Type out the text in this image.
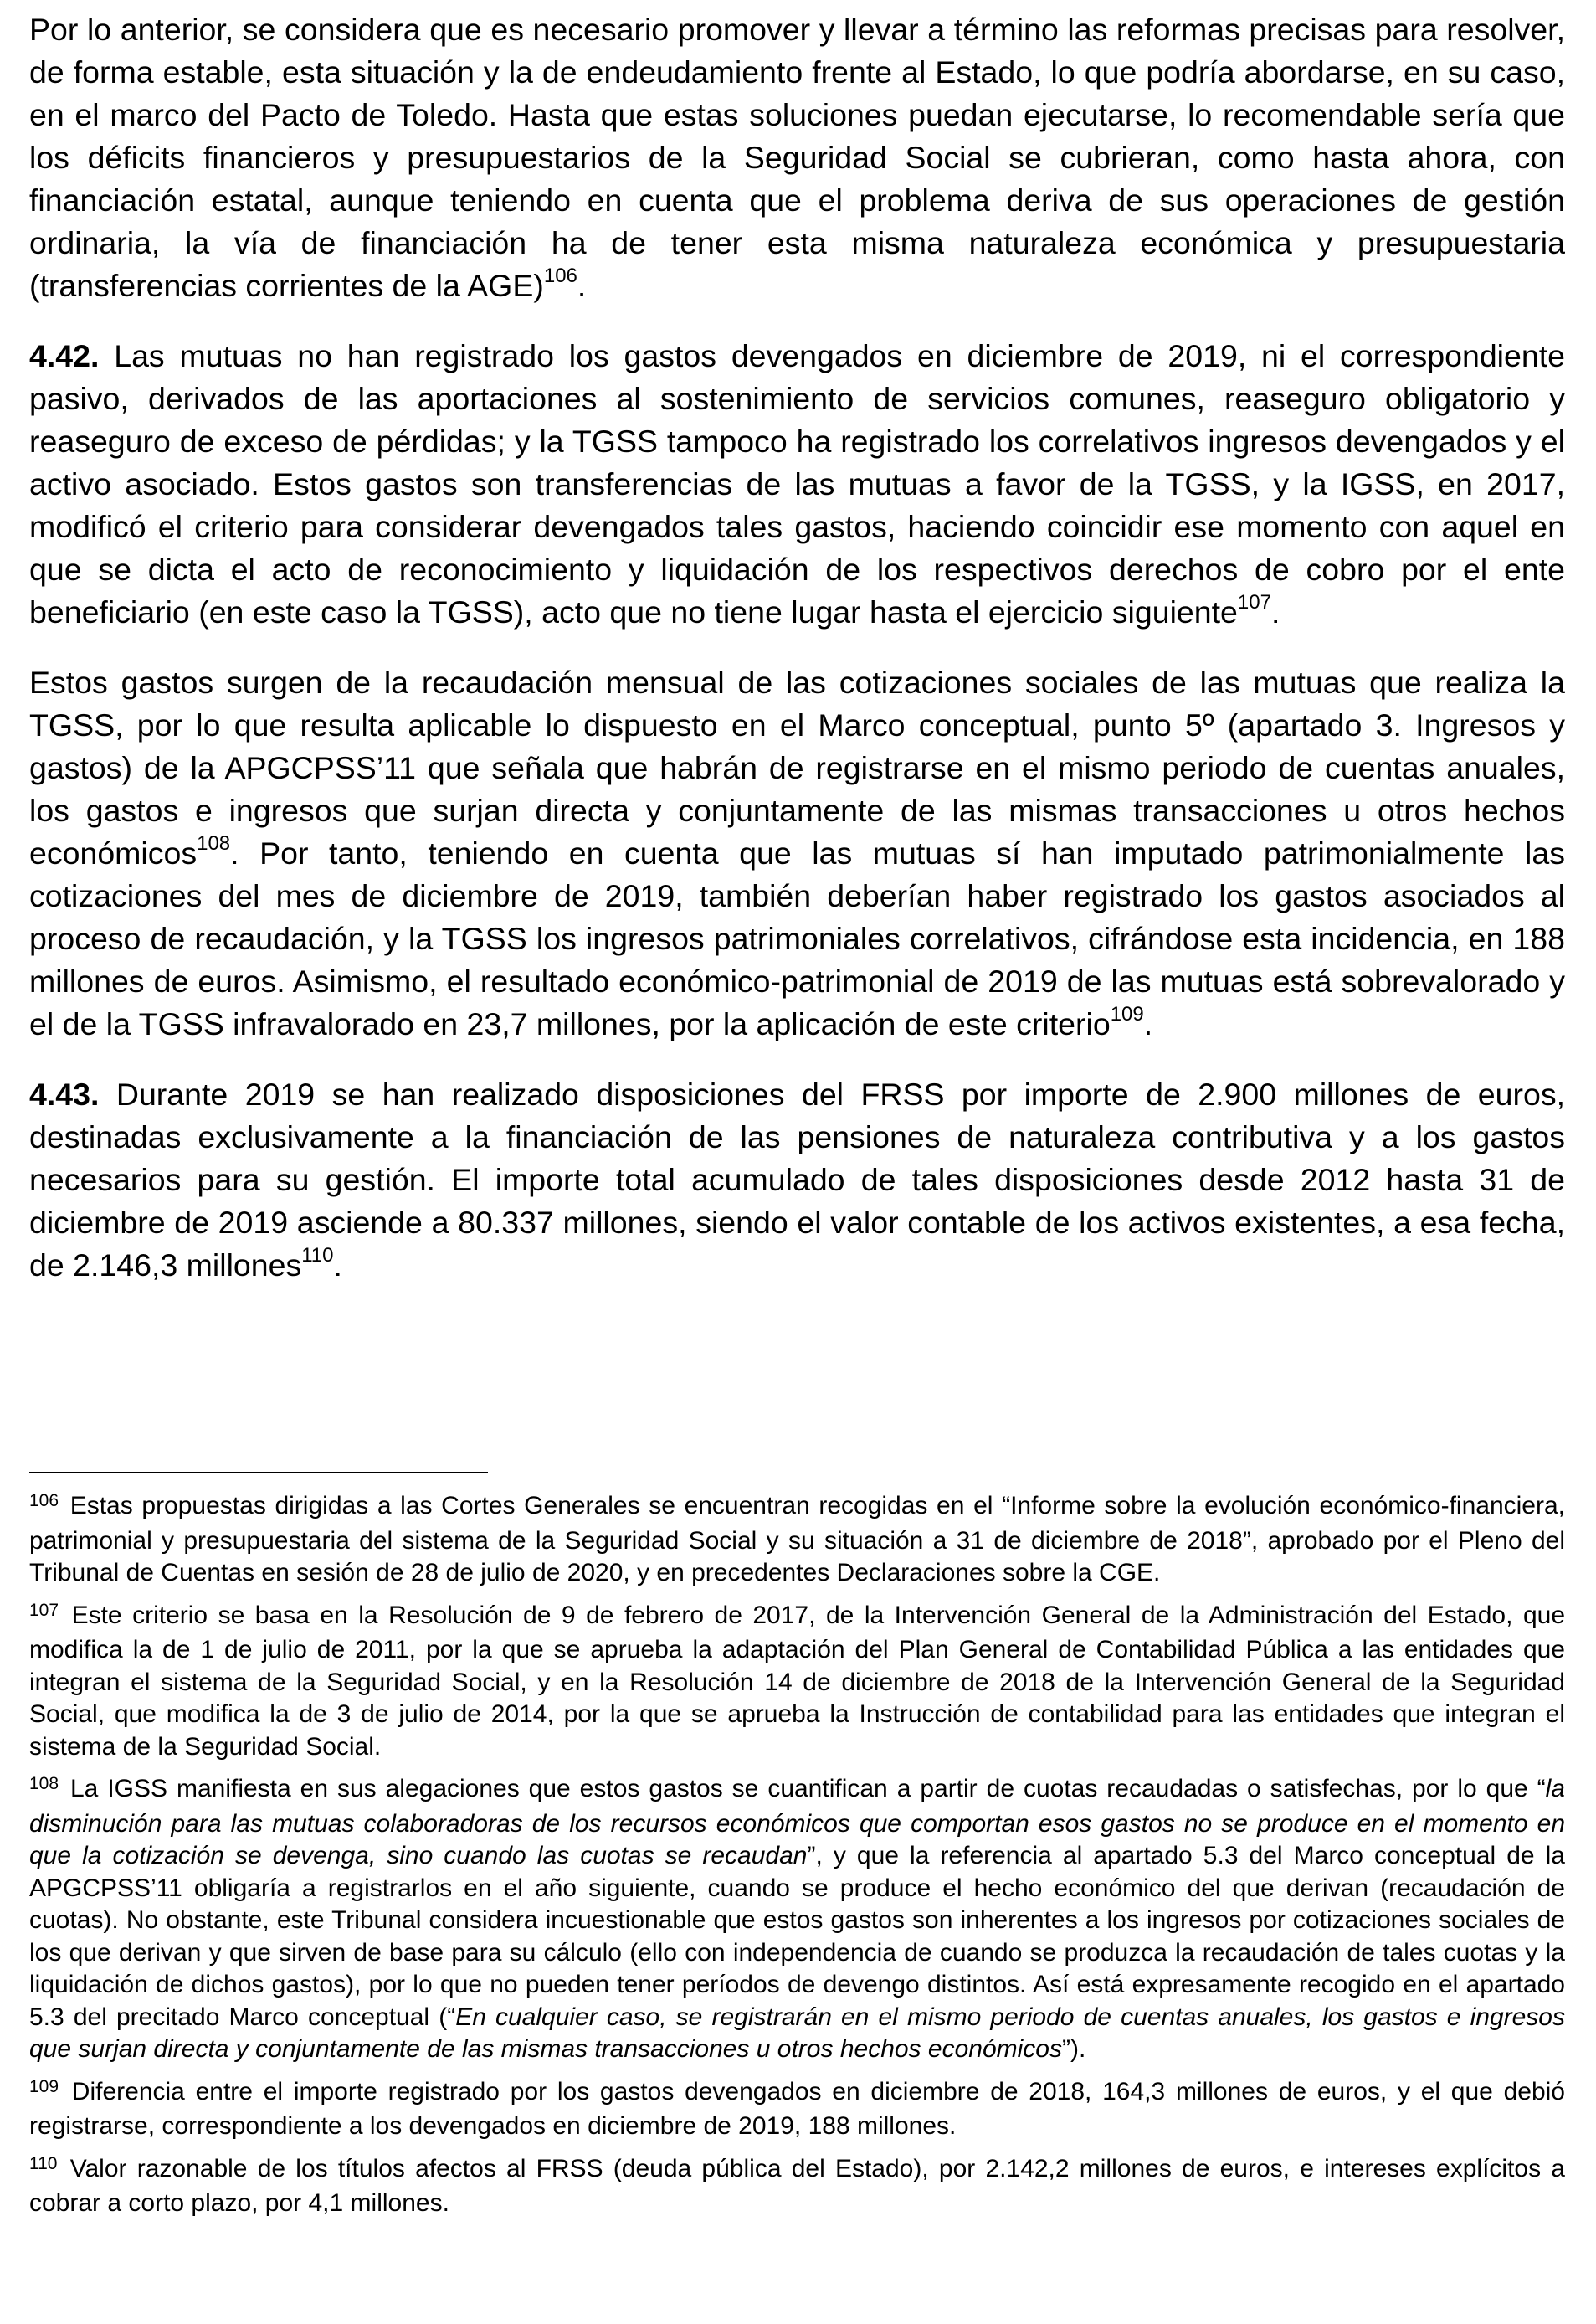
Por lo anterior, se considera que es necesario promover y llevar a término las reformas precisas para resolver, de forma estable, esta situación y la de endeudamiento frente al Estado, lo que podría abordarse, en su caso, en el marco del Pacto de Toledo. Hasta que estas soluciones puedan ejecutarse, lo recomendable sería que los déficits financieros y presupuestarios de la Seguridad Social se cubrieran, como hasta ahora, con financiación estatal, aunque teniendo en cuenta que el problema deriva de sus operaciones de gestión ordinaria, la vía de financiación ha de tener esta misma naturaleza económica y presupuestaria (transferencias corrientes de la AGE)$^{106}$.

4.42. Las mutuas no han registrado los gastos devengados en diciembre de 2019, ni el correspondiente pasivo, derivados de las aportaciones al sostenimiento de servicios comunes, reaseguro obligatorio y reaseguro de exceso de pérdidas; y la TGSS tampoco ha registrado los correlativos ingresos devengados y el activo asociado. Estos gastos son transferencias de las mutuas a favor de la TGSS, y la IGSS, en 2017, modificó el criterio para considerar devengados tales gastos, haciendo coincidir ese momento con aquel en que se dicta el acto de reconocimiento y liquidación de los respectivos derechos de cobro por el ente beneficiario (en este caso la TGSS), acto que no tiene lugar hasta el ejercicio siguiente$^{107}$.

Estos gastos surgen de la recaudación mensual de las cotizaciones sociales de las mutuas que realiza la TGSS, por lo que resulta aplicable lo dispuesto en el Marco conceptual, punto 5º (apartado 3. Ingresos y gastos) de la APGCPSS’11 que señala que habrán de registrarse en el mismo periodo de cuentas anuales, los gastos e ingresos que surjan directa y conjuntamente de las mismas transacciones u otros hechos económicos$^{108}$. Por tanto, teniendo en cuenta que las mutuas sí han imputado patrimonialmente las cotizaciones del mes de diciembre de 2019, también deberían haber registrado los gastos asociados al proceso de recaudación, y la TGSS los ingresos patrimoniales correlativos, cifrándose esta incidencia, en 188 millones de euros. Asimismo, el resultado económico-patrimonial de 2019 de las mutuas está sobrevalorado y el de la TGSS infravalorado en 23,7 millones, por la aplicación de este criterio$^{109}$.

4.43. Durante 2019 se han realizado disposiciones del FRSS por importe de 2.900 millones de euros, destinadas exclusivamente a la financiación de las pensiones de naturaleza contributiva y a los gastos necesarios para su gestión. El importe total acumulado de tales disposiciones desde 2012 hasta 31 de diciembre de 2019 asciende a 80.337 millones, siendo el valor contable de los activos existentes, a esa fecha, de 2.146,3 millones$^{110}$.

$^{106}$ Estas propuestas dirigidas a las Cortes Generales se encuentran recogidas en el “Informe sobre la evolución económico-financiera, patrimonial y presupuestaria del sistema de la Seguridad Social y su situación a 31 de diciembre de 2018”, aprobado por el Pleno del Tribunal de Cuentas en sesión de 28 de julio de 2020, y en precedentes Declaraciones sobre la CGE.

$^{107}$ Este criterio se basa en la Resolución de 9 de febrero de 2017, de la Intervención General de la Administración del Estado, que modifica la de 1 de julio de 2011, por la que se aprueba la adaptación del Plan General de Contabilidad Pública a las entidades que integran el sistema de la Seguridad Social, y en la Resolución 14 de diciembre de 2018 de la Intervención General de la Seguridad Social, que modifica la de 3 de julio de 2014, por la que se aprueba la Instrucción de contabilidad para las entidades que integran el sistema de la Seguridad Social.

$^{108}$ La IGSS manifiesta en sus alegaciones que estos gastos se cuantifican a partir de cuotas recaudadas o satisfechas, por lo que “la disminución para las mutuas colaboradoras de los recursos económicos que comportan esos gastos no se produce en el momento en que la cotización se devenga, sino cuando las cuotas se recaudan”, y que la referencia al apartado 5.3 del Marco conceptual de la APGCPSS’11 obligaría a registrarlos en el año siguiente, cuando se produce el hecho económico del que derivan (recaudación de cuotas). No obstante, este Tribunal considera incuestionable que estos gastos son inherentes a los ingresos por cotizaciones sociales de los que derivan y que sirven de base para su cálculo (ello con independencia de cuando se produzca la recaudación de tales cuotas y la liquidación de dichos gastos), por lo que no pueden tener períodos de devengo distintos. Así está expresamente recogido en el apartado 5.3 del precitado Marco conceptual (“En cualquier caso, se registrarán en el mismo periodo de cuentas anuales, los gastos e ingresos que surjan directa y conjuntamente de las mismas transacciones u otros hechos económicos”).

$^{109}$ Diferencia entre el importe registrado por los gastos devengados en diciembre de 2018, 164,3 millones de euros, y el que debió registrarse, correspondiente a los devengados en diciembre de 2019, 188 millones.

$^{110}$ Valor razonable de los títulos afectos al FRSS (deuda pública del Estado), por 2.142,2 millones de euros, e intereses explícitos a cobrar a corto plazo, por 4,1 millones.
